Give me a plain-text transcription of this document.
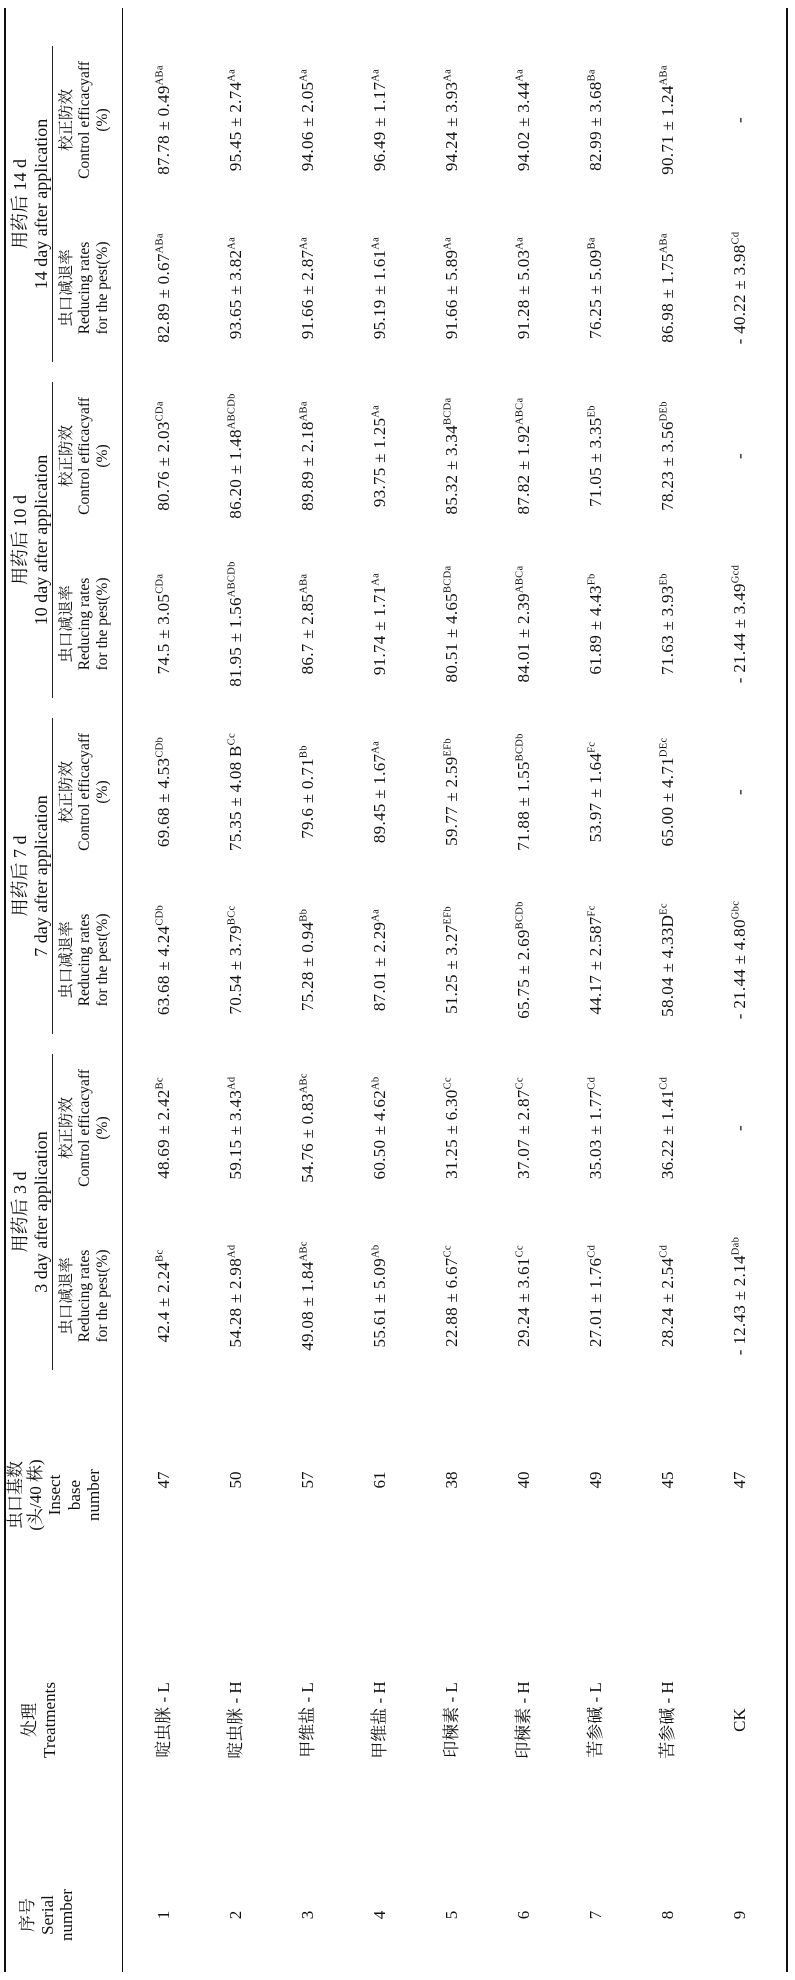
序号 Serial number
处理 Treatments
虫口基数 (头/40 株) Insect base number
用药后 3 d 3 day after application
虫口减退率 Reducing rates for the pest(%)
校正防效 Control efficacyaff (%)
用药后 7 d 7 day after application
虫口减退率 Reducing rates for the pest(%)
校正防效 Control efficacyaff (%)
用药后 10 d 10 day after application 虫口减退率 Reducing rates for the pest(%)
校正防效 Control efficacyaff (%)
用药后 14 d 14 day after application 虫口减退率 Reducing rates for the pest(%)
校正防效 Control efficacyaff (%)
1
啶虫脒 - L
47
$42.4 \pm 2.24^{Bc}$
$48.69 \pm 2.42^{Bc}$
$63.68 \pm 4.24^{CDb}$
$69.68 \pm 4.53^{CDb}$
$74.5 \pm 3.05^{CDa}$
$80.76 \pm 2.03^{CDa}$
$82.89 \pm 0.67^{ABa}$
$87.78 \pm 0.49^{ABa}$
2
啶虫脒 - H
50
$54.28 \pm 2.98^{Ad}$
$59.15 \pm 3.43^{Ad}$
$70.54 \pm 3.79^{BCc}$
75.35 ± 4.08 $B^{Cc}$
$81.95 \pm 1.56^{ABCDb}$
$86.20 \pm 1.48^{ABCDb}$
$93.65 \pm 3.82^{Aa}$
$95.45 \pm 2.74^{Aa}$
3
甲维盐 - L
57
$49.08 \pm 1.84^{ABc}$
$54.76 \pm 0.83^{ABc}$
$75.28 \pm 0.94^{Bb}$
$79.6 \pm 0.71^{Bb}$
$86.7 \pm 2.85^{ABa}$
$89.89 \pm 2.18^{ABa}$
$91.66 \pm 2.87^{Aa}$
$94.06 \pm 2.05^{Aa}$
4
甲维盐 - H
61
$55.61 \pm 5.09^{Ab}$
$60.50 \pm 4.62^{Ab}$
$87.01 \pm 2.29^{Aa}$
$89.45 \pm 1.67^{Aa}$
$91.74 \pm 1.71^{Aa}$
$93.75 \pm 1.25^{Aa}$
$95.19 \pm 1.61^{Aa}$
$96.49 \pm 1.17^{Aa}$
5
印楝素 - L
38
$22.88 \pm 6.67^{Cc}$
$31.25 \pm 6.30^{Cc}$
$51.25 \pm 3.27^{EFb}$
$59.77 \pm 2.59^{EFb}$
$80.51 \pm 4.65^{BCDa}$
$85.32 \pm 3.34^{BCDa}$
$91.66 \pm 5.89^{Aa}$
$94.24 \pm 3.93^{Aa}$
6
印楝素 - H
40
$29.24 \pm 3.61^{Cc}$
$37.07 \pm 2.87^{Cc}$
$65.75 \pm 2.69^{BCDb}$
$71.88 \pm 1.55^{BCDb}$
$84.01 \pm 2.39^{ABCa}$
$87.82 \pm 1.92^{ABCa}$
$91.28 \pm 5.03^{Aa}$
$94.02 \pm 3.44^{Aa}$
7
苦参碱 - L
49
$27.01 \pm 1.76^{Cd}$
$35.03 \pm 1.77^{Cd}$
$44.17 \pm 2.587^{Fc}$
$53.97 \pm 1.64^{Fc}$
$61.89 \pm 4.43^{Fb}$
$71.05 \pm 3.35^{Eb}$
$76.25 \pm 5.09^{Ba}$
$82.99 \pm 3.68^{Ba}$
8
苦参碱 - H
45
$28.24 \pm 2.54^{Cd}$
$36.22 \pm 1.41^{Cd}$
$58.04 \pm 4.33D^{Ec}$
$65.00 \pm 4.71^{DEc}$
$71.63 \pm 3.93^{Eb}$
$78.23 \pm 3.56^{DEb}$
$86.98 \pm 1.75^{ABa}$
$90.71 \pm 1.24^{ABa}$
9
CK
47
- $12.43 \pm 2.14^{Dab}$
-
- $21.44 \pm 4.80^{Gbc}$
-
- $21.44 \pm 3.49^{Gcd}$
-
- $40.22 \pm 3.98^{Cd}$
-
